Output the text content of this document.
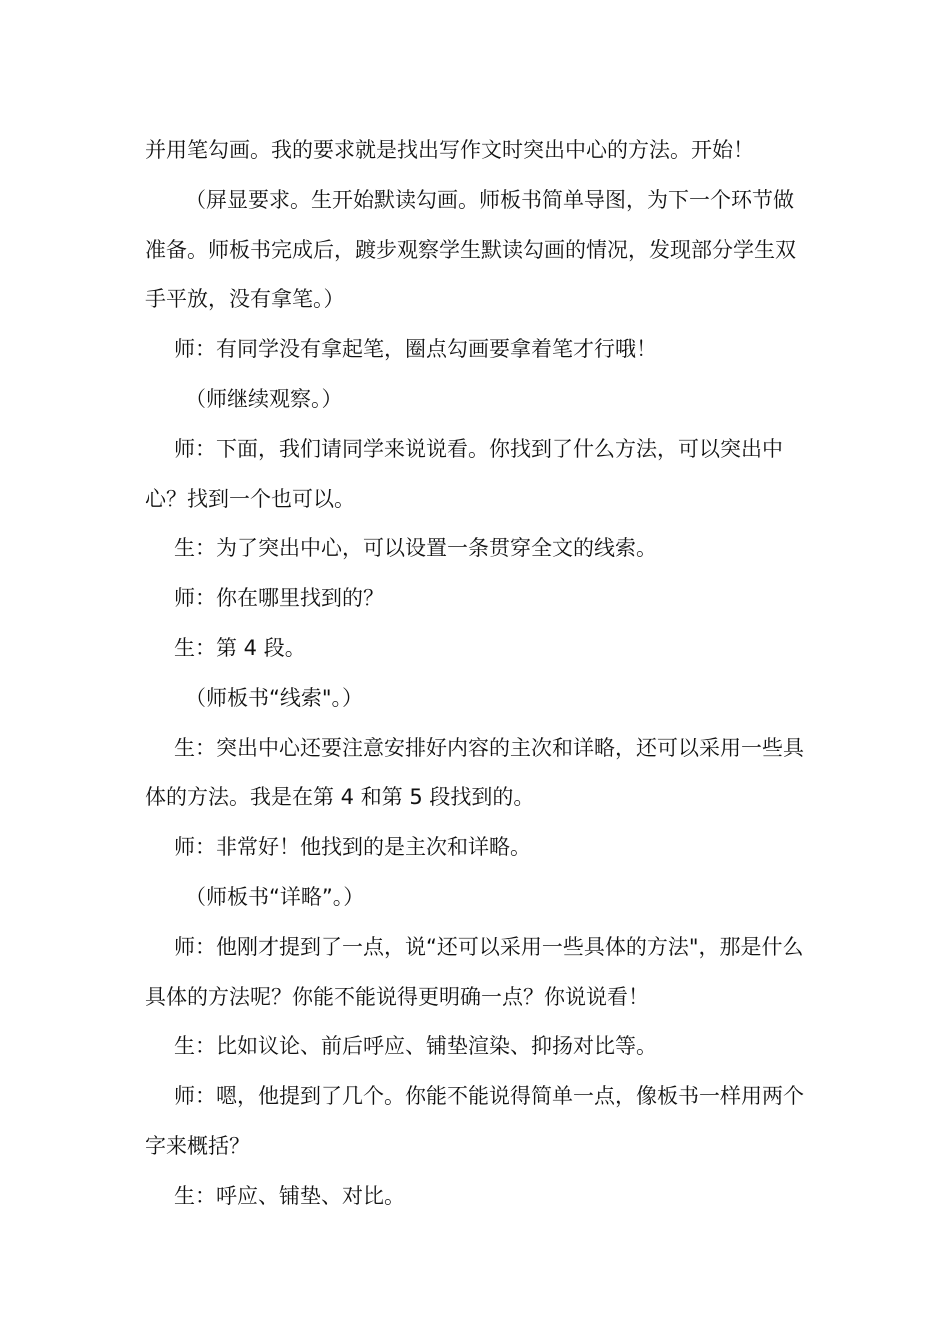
并用笔勾画。我的要求就是找出写作文时突出中心的方法。开始！

（屏显要求。生开始默读勾画。师板书简单导图，为下一个环节做准备。师板书完成后，踱步观察学生默读勾画的情况，发现部分学生双手平放，没有拿笔。）

师：有同学没有拿起笔，圈点勾画要拿着笔才行哦！

（师继续观察。）

师：下面，我们请同学来说说看。你找到了什么方法，可以突出中心？找到一个也可以。

生：为了突出中心，可以设置一条贯穿全文的线索。

师：你在哪里找到的？

生：第 4 段。

（师板书“线索"。）

生：突出中心还要注意安排好内容的主次和详略，还可以采用一些具体的方法。我是在第 4 和第 5 段找到的。

师：非常好！他找到的是主次和详略。

（师板书“详略”。）

师：他刚才提到了一点，说“还可以采用一些具体的方法"，那是什么具体的方法呢？你能不能说得更明确一点？你说说看！

生：比如议论、前后呼应、铺垫渲染、抑扬对比等。

师：嗯，他提到了几个。你能不能说得简单一点，像板书一样用两个字来概括？

生：呼应、铺垫、对比。
